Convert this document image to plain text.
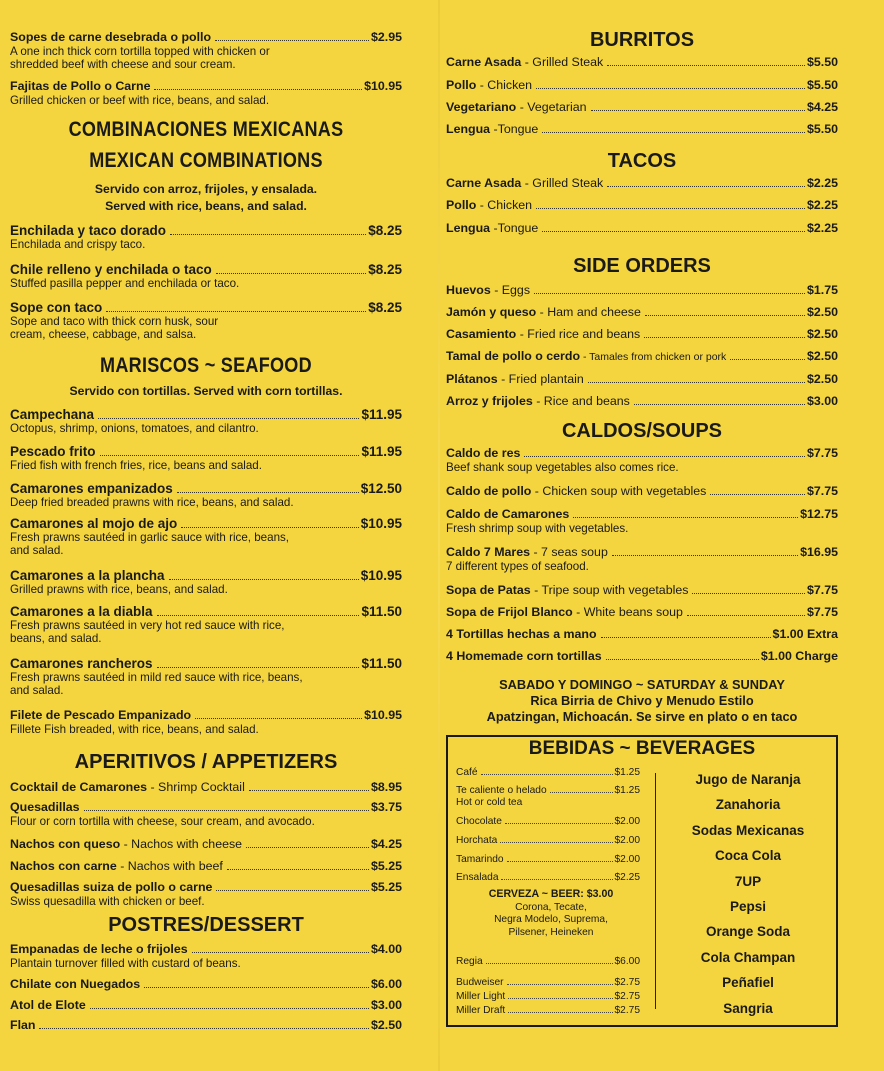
Sopes de carne desebrada o pollo	$2.95
A one inch thick corn tortilla topped with chicken or
shredded beef with cheese and sour cream.
Fajitas de Pollo o Carne	$10.95
Grilled chicken or beef with rice, beans, and salad.
COMBINACIONES MEXICANAS
MEXICAN COMBINATIONS
Servido con arroz, frijoles, y ensalada.
Served with rice, beans, and salad.
Enchilada y taco dorado	$8.25
Enchilada and crispy taco.
Chile relleno y enchilada o taco	$8.25
Stuffed pasilla pepper and enchilada or taco.
Sope con taco	$8.25
Sope and taco with thick corn husk, sour
cream, cheese, cabbage, and salsa.
MARISCOS ~ SEAFOOD
Servido con tortillas. Served with corn tortillas.
Campechana	$11.95
Octopus, shrimp, onions, tomatoes, and cilantro.
Pescado frito	$11.95
Fried fish with french fries, rice, beans and salad.
Camarones empanizados	$12.50
Deep fried breaded prawns with rice, beans, and salad.
Camarones al mojo de ajo	$10.95
Fresh prawns sautéed in garlic sauce with rice, beans,
and salad.
Camarones a la plancha	$10.95
Grilled prawns with rice, beans, and salad.
Camarones a la diabla	$11.50
Fresh prawns sautéed in very hot red sauce with rice,
beans, and salad.
Camarones rancheros	$11.50
Fresh prawns sautéed in mild red sauce with rice, beans,
and salad.
Filete de Pescado Empanizado	$10.95
Fillete Fish breaded, with rice, beans, and salad.
APERITIVOS / APPETIZERS
Cocktail de Camarones - Shrimp Cocktail	$8.95
Quesadillas	$3.75
Flour or corn tortilla with cheese, sour cream, and avocado.
Nachos con queso - Nachos with cheese	$4.25
Nachos con carne - Nachos with beef	$5.25
Quesadillas suiza de pollo o carne	$5.25
Swiss quesadilla with chicken or beef.
POSTRES/DESSERT
Empanadas de leche o frijoles	$4.00
Plantain turnover filled with custard of beans.
Chilate con Nuegados	$6.00
Atol de Elote	$3.00
Flan	$2.50
BURRITOS
Carne Asada - Grilled Steak	$5.50
Pollo - Chicken	$5.50
Vegetariano - Vegetarian	$4.25
Lengua -Tongue	$5.50
TACOS
Carne Asada - Grilled Steak	$2.25
Pollo - Chicken	$2.25
Lengua -Tongue	$2.25
SIDE ORDERS
Huevos - Eggs	$1.75
Jamón y queso - Ham and cheese	$2.50
Casamiento - Fried rice and beans	$2.50
Tamal de pollo o cerdo - Tamales from chicken or pork	$2.50
Plátanos - Fried plantain	$2.50
Arroz y frijoles - Rice and beans	$3.00
CALDOS/SOUPS
Caldo de res	$7.75
Beef shank soup vegetables also comes rice.
Caldo de pollo - Chicken soup with vegetables	$7.75
Caldo de Camarones	$12.75
Fresh shrimp soup with vegetables.
Caldo 7 Mares - 7 seas soup	$16.95
7 different types of seafood.
Sopa de Patas - Tripe soup with vegetables	$7.75
Sopa de Frijol Blanco - White beans soup	$7.75
4 Tortillas hechas a mano	$1.00 Extra
4 Homemade corn tortillas	$1.00 Charge
SABADO Y DOMINGO ~ SATURDAY & SUNDAY
Rica Birria de Chivo y Menudo Estilo
Apatzingan, Michoacán. Se sirve en plato o en taco
BEBIDAS ~ BEVERAGES
Café	$1.25
Te caliente o helado	$1.25
Hot or cold tea
Chocolate	$2.00
Horchata	$2.00
Tamarindo	$2.00
Ensalada	$2.25
CERVEZA ~ BEER: $3.00
Corona, Tecate,
Negra Modelo, Suprema,
Pilsener, Heineken
Regia	$6.00
Budweiser	$2.75
Miller Light	$2.75
Miller Draft	$2.75
Jugo de Naranja
Zanahoria
Sodas Mexicanas
Coca Cola
7UP
Pepsi
Orange Soda
Cola Champan
Peñafiel
Sangria
